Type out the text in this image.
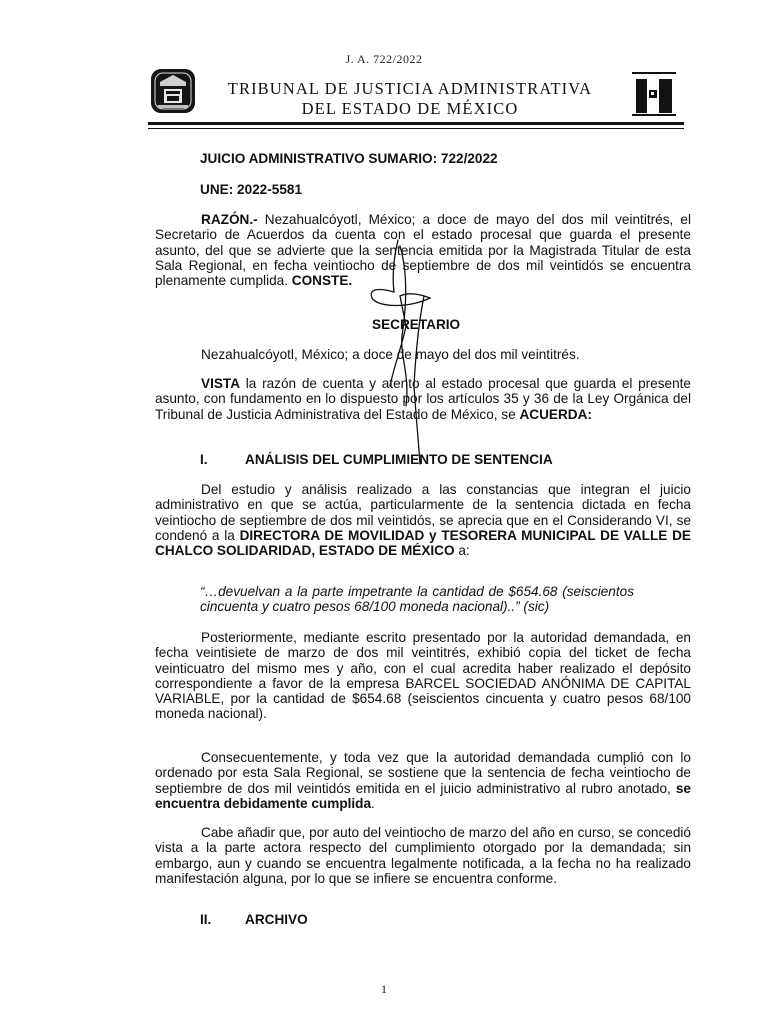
J. A. 722/2022
TRIBUNAL DE JUSTICIA ADMINISTRATIVA
DEL ESTADO DE MÉXICO
JUICIO ADMINISTRATIVO SUMARIO: 722/2022
UNE: 2022-5581
RAZÓN.- Nezahualcóyotl, México; a doce de mayo del dos mil veintitrés, el Secretario de Acuerdos da cuenta con el estado procesal que guarda el presente asunto, del que se advierte que la sentencia emitida por la Magistrada Titular de esta Sala Regional, en fecha veintiocho de septiembre de dos mil veintidós se encuentra plenamente cumplida. CONSTE.
SECRETARIO
Nezahualcóyotl, México; a doce de mayo del dos mil veintitrés.
VISTA la razón de cuenta y atento al estado procesal que guarda el presente asunto, con fundamento en lo dispuesto por los artículos 35 y 36 de la Ley Orgánica del Tribunal de Justicia Administrativa del Estado de México, se ACUERDA:
I.	ANÁLISIS DEL CUMPLIMIENTO DE SENTENCIA
Del estudio y análisis realizado a las constancias que integran el juicio administrativo en que se actúa, particularmente de la sentencia dictada en fecha veintiocho de septiembre de dos mil veintidós, se aprecia que en el Considerando VI, se condenó a la DIRECTORA DE MOVILIDAD y TESORERA MUNICIPAL DE VALLE DE CHALCO SOLIDARIDAD, ESTADO DE MÉXICO a:
“…devuelvan a la parte impetrante la cantidad de $654.68 (seiscientos cincuenta y cuatro pesos 68/100 moneda nacional)..” (sic)
Posteriormente, mediante escrito presentado por la autoridad demandada, en fecha veintisiete de marzo de dos mil veintitrés, exhibió copia del ticket de fecha veinticuatro del mismo mes y año, con el cual acredita haber realizado el depósito correspondiente a favor de la empresa BARCEL SOCIEDAD ANÓNIMA DE CAPITAL VARIABLE, por la cantidad de $654.68 (seiscientos cincuenta y cuatro pesos 68/100 moneda nacional).
Consecuentemente, y toda vez que la autoridad demandada cumplió con lo ordenado por esta Sala Regional, se sostiene que la sentencia de fecha veintiocho de septiembre de dos mil veintidós emitida en el juicio administrativo al rubro anotado, se encuentra debidamente cumplida.
Cabe añadir que, por auto del veintiocho de marzo del año en curso, se concedió vista a la parte actora respecto del cumplimiento otorgado por la demandada; sin embargo, aun y cuando se encuentra legalmente notificada, a la fecha no ha realizado manifestación alguna, por lo que se infiere se encuentra conforme.
II.	ARCHIVO
1
